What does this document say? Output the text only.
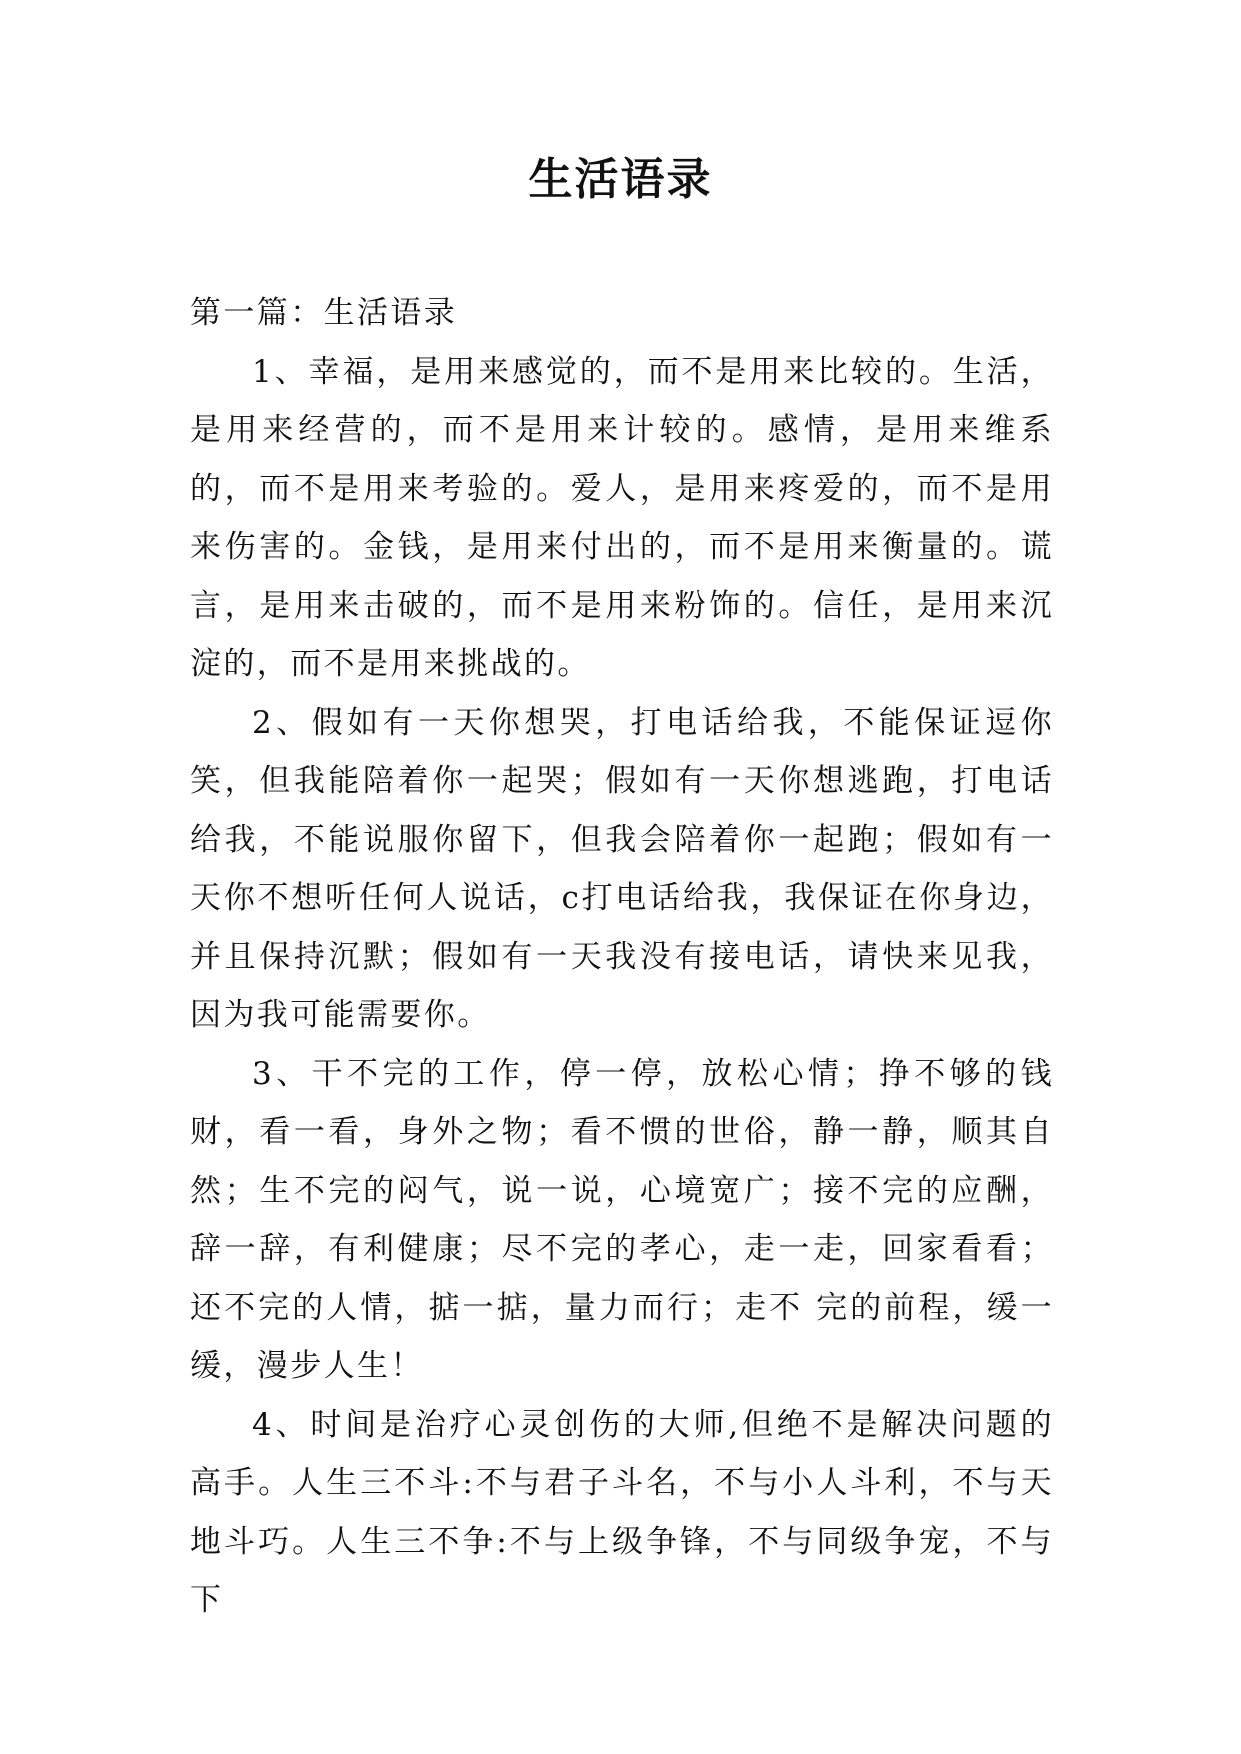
生活语录

第一篇：生活语录

1、幸福，是用来感觉的，而不是用来比较的。生活，是用来经营的，而不是用来计较的。感情，是用来维系的，而不是用来考验的。爱人，是用来疼爱的，而不是用来伤害的。金钱，是用来付出的，而不是用来衡量的。谎言，是用来击破的，而不是用来粉饰的。信任，是用来沉淀的，而不是用来挑战的。

2、假如有一天你想哭，打电话给我，不能保证逗你笑，但我能陪着你一起哭；假如有一天你想逃跑，打电话给我，不能说服你留下，但我会陪着你一起跑；假如有一天你不想听任何人说话，c打电话给我，我保证在你身边，并且保持沉默；假如有一天我没有接电话，请快来见我，因为我可能需要你。

3、干不完的工作，停一停，放松心情；挣不够的钱财，看一看，身外之物；看不惯的世俗，静一静，顺其自然；生不完的闷气，说一说，心境宽广；接不完的应酬，辞一辞，有利健康；尽不完的孝心，走一走，回家看看；还不完的人情，掂一掂，量力而行；走不 完的前程，缓一缓，漫步人生！

4、时间是治疗心灵创伤的大师,但绝不是解决问题的高手。人生三不斗:不与君子斗名，不与小人斗利，不与天地斗巧。人生三不争:不与上级争锋，不与同级争宠，不与下
